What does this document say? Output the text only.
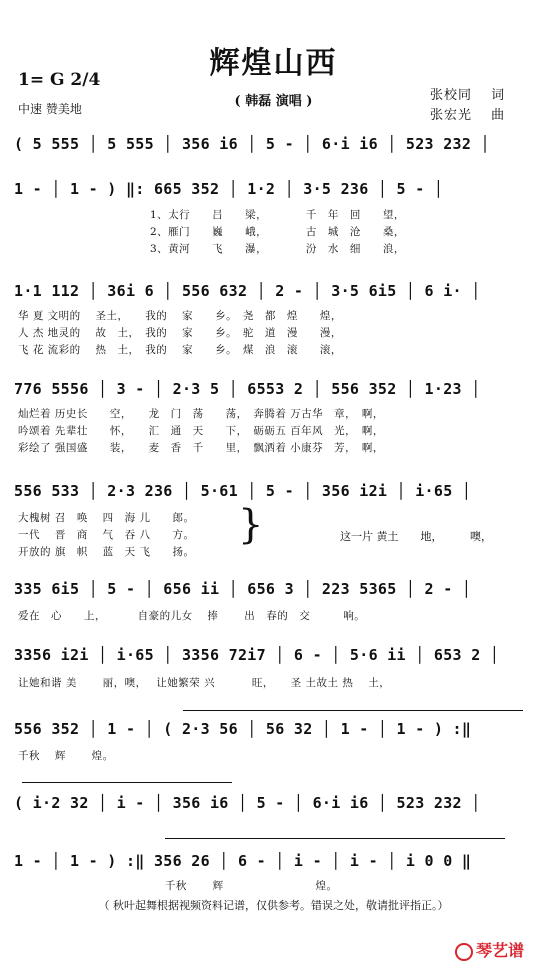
辉煌山西
( 韩磊 演唱 )
1= G 2/4
中速 赞美地
张校同　 词
张宏光　 曲
( 5 555 │ 5 555 │ 356 i6 │ 5 - │ 6·i i6 │ 523 232 │
1 - │ 1 - ) ‖: 665 352 │ 1·2 │ 3·5 236 │ 5 - │
1、太行　　吕　　梁，　　　　千　年　回　　望，
2、雁门　　巍　　峨，　　　　古　城　沧　　桑，
3、黄河　　飞　　瀑，　　　　汾　水　细　　浪，
1·1 112 │ 36i 6 │ 556 632 │ 2 - │ 3·5 6i5 │ 6 i· │
华 夏 文明的　 圣土，　　我的　 家　　乡。　尧　都　煌　　煌，
人 杰 地灵的　 故　土，　我的　 家　　乡。　驼　道　漫　　漫，
飞 花 流彩的　 热　土，　我的　 家　　乡。　煤　浪　滚　　滚，
776 5556 │ 3 - │ 2·3 5 │ 6553 2 │ 556 352 │ 1·23 │
灿烂着 历史长　　空，　　龙　门　荡　　荡，　奔腾着 万古华　章，　啊，
吟颂着 先辈壮　　怀，　　汇　通　天　　下，　砺砺五 百年风　光，　啊，
彩绘了 强国盛　　装，　　麦　香　千　　里，　飘洒着 小康芬　芳，　啊，
556 533 │ 2·3 236 │ 5·61 │ 5 - │ 356 i2i │ i·65 │
大槐树 召　唤　 四　海 儿　　郎。
一代　 晋　商　 气　吞 八　　方。
开放的 旗　帜　 蓝　天 飞　　扬。
}	这一片 黄土　　地，　　　噢，
335 6i5 │ 5 - │ 656 ii │ 656 3 │ 223 5365 │ 2 - │
爱在　心　　上，　　　 自豪的儿女　 捧　　 出　春的　交　　　响。
3356 i2i │ i·65 │ 3356 72i7 │ 6 - │ 5·6 ii │ 653 2 │
让她和谐 美　　 丽，噢，　 让她繁荣 兴　　　 旺，　　圣 土故土 热　 土，
556 352 │ 1 - │ ( 2·3 56 │ 56 32 │ 1 - │ 1 - ) :‖
千秋　 辉　　 煌。
( i·2 32 │ i - │ 356 i6 │ 5 - │ 6·i i6 │ 523 232 │
1 - │ 1 - ) :‖ 356 26 │ 6 - │ i - │ i - │ i 0 0 ‖
　　　　　　　　　　　　　 千秋　　 辉　　　　　　　　 煌。
（ 秋叶起舞根据视频资料记谱，仅供参考。错误之处，敬请批评指正。）
琴艺谱
